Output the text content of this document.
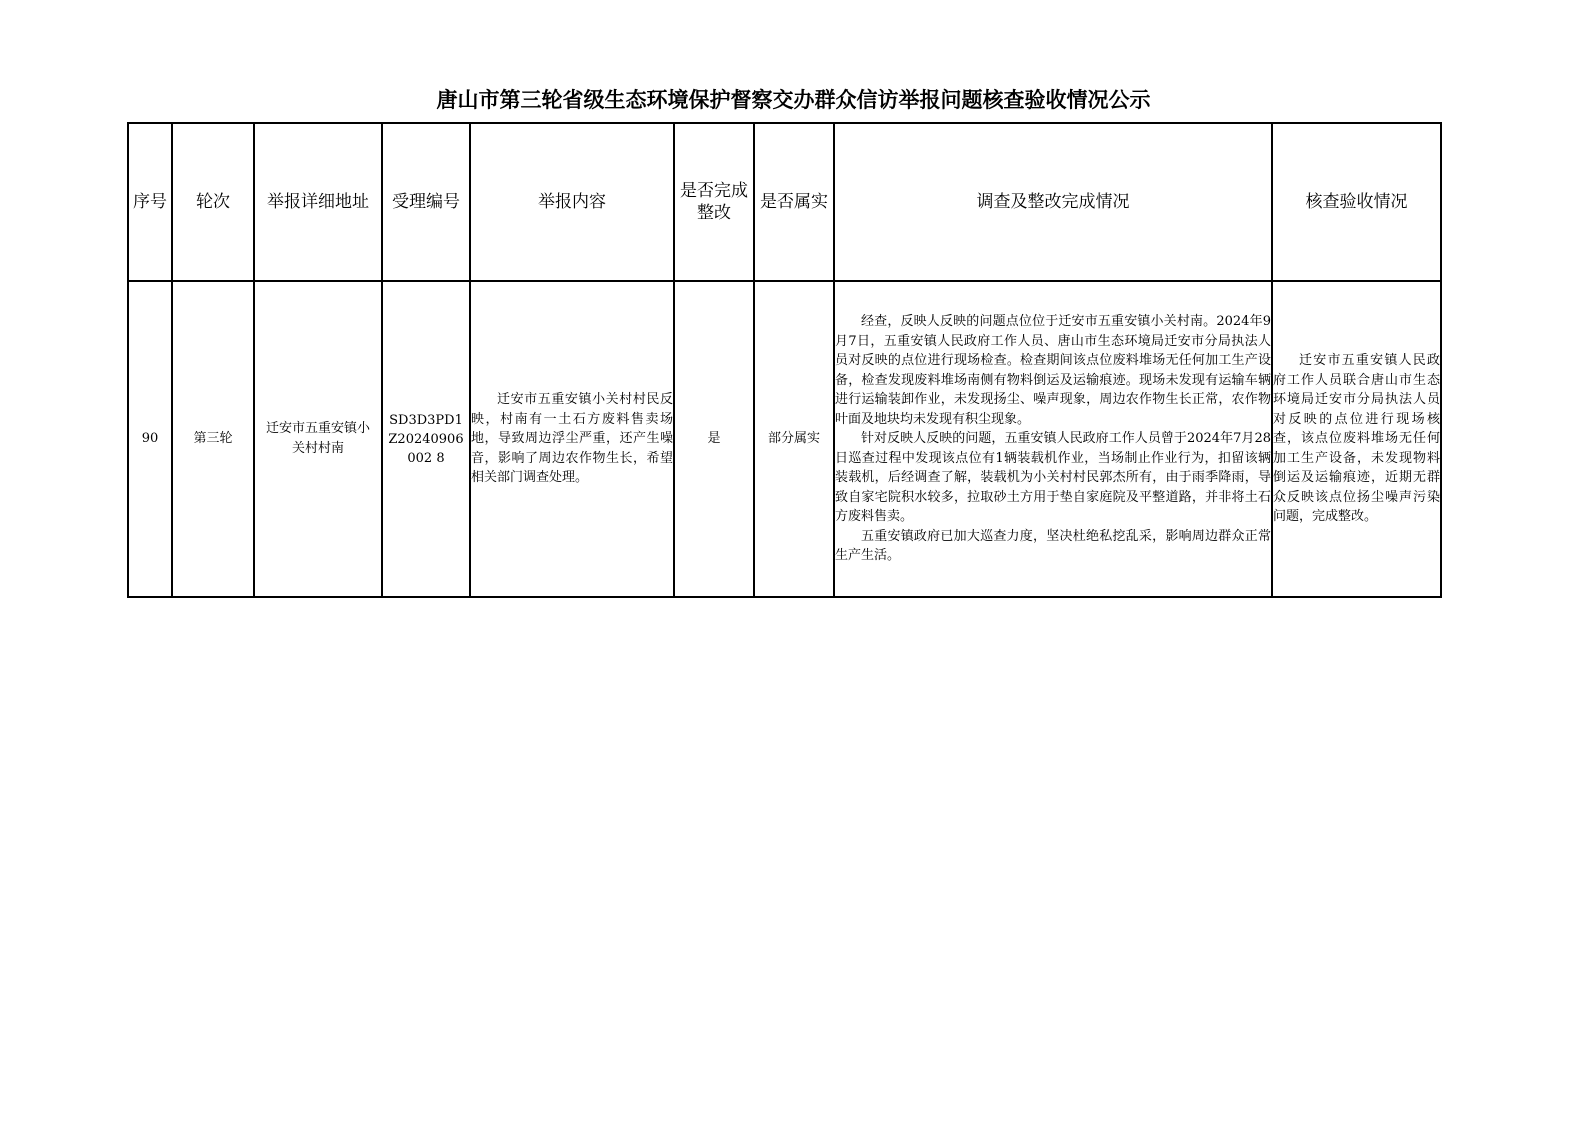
唐山市第三轮省级生态环境保护督察交办群众信访举报问题核查验收情况公示
序号	轮次	举报详细地址	受理编号	举报内容	是否完成整改	是否属实	调查及整改完成情况	核查验收情况
90	第三轮	迁安市五重安镇小关村村南	SD3D3PD1Z20240906002 8	迁安市五重安镇小关村村民反映，村南有一土石方废料售卖场地，导致周边浮尘严重，还产生噪音，影响了周边农作物生长，希望相关部门调查处理。	是	部分属实	经查，反映人反映的问题点位位于迁安市五重安镇小关村南。2024年9月7日，五重安镇人民政府工作人员、唐山市生态环境局迁安市分局执法人员对反映的点位进行现场检查。检查期间该点位废料堆场无任何加工生产设备，检查发现废料堆场南侧有物料倒运及运输痕迹。现场未发现有运输车辆进行运输装卸作业，未发现扬尘、噪声现象，周边农作物生长正常，农作物叶面及地块均未发现有积尘现象。

针对反映人反映的问题，五重安镇人民政府工作人员曾于2024年7月28日巡查过程中发现该点位有1辆装载机作业，当场制止作业行为，扣留该辆装载机，后经调查了解，装载机为小关村村民郭杰所有，由于雨季降雨，导致自家宅院积水较多，拉取砂土方用于垫自家庭院及平整道路，并非将土石方废料售卖。

五重安镇政府已加大巡查力度，坚决杜绝私挖乱采，影响周边群众正常生产生活。	迁安市五重安镇人民政府工作人员联合唐山市生态环境局迁安市分局执法人员对反映的点位进行现场核查，该点位废料堆场无任何加工生产设备，未发现物料倒运及运输痕迹，近期无群众反映该点位扬尘噪声污染问题，完成整改。
